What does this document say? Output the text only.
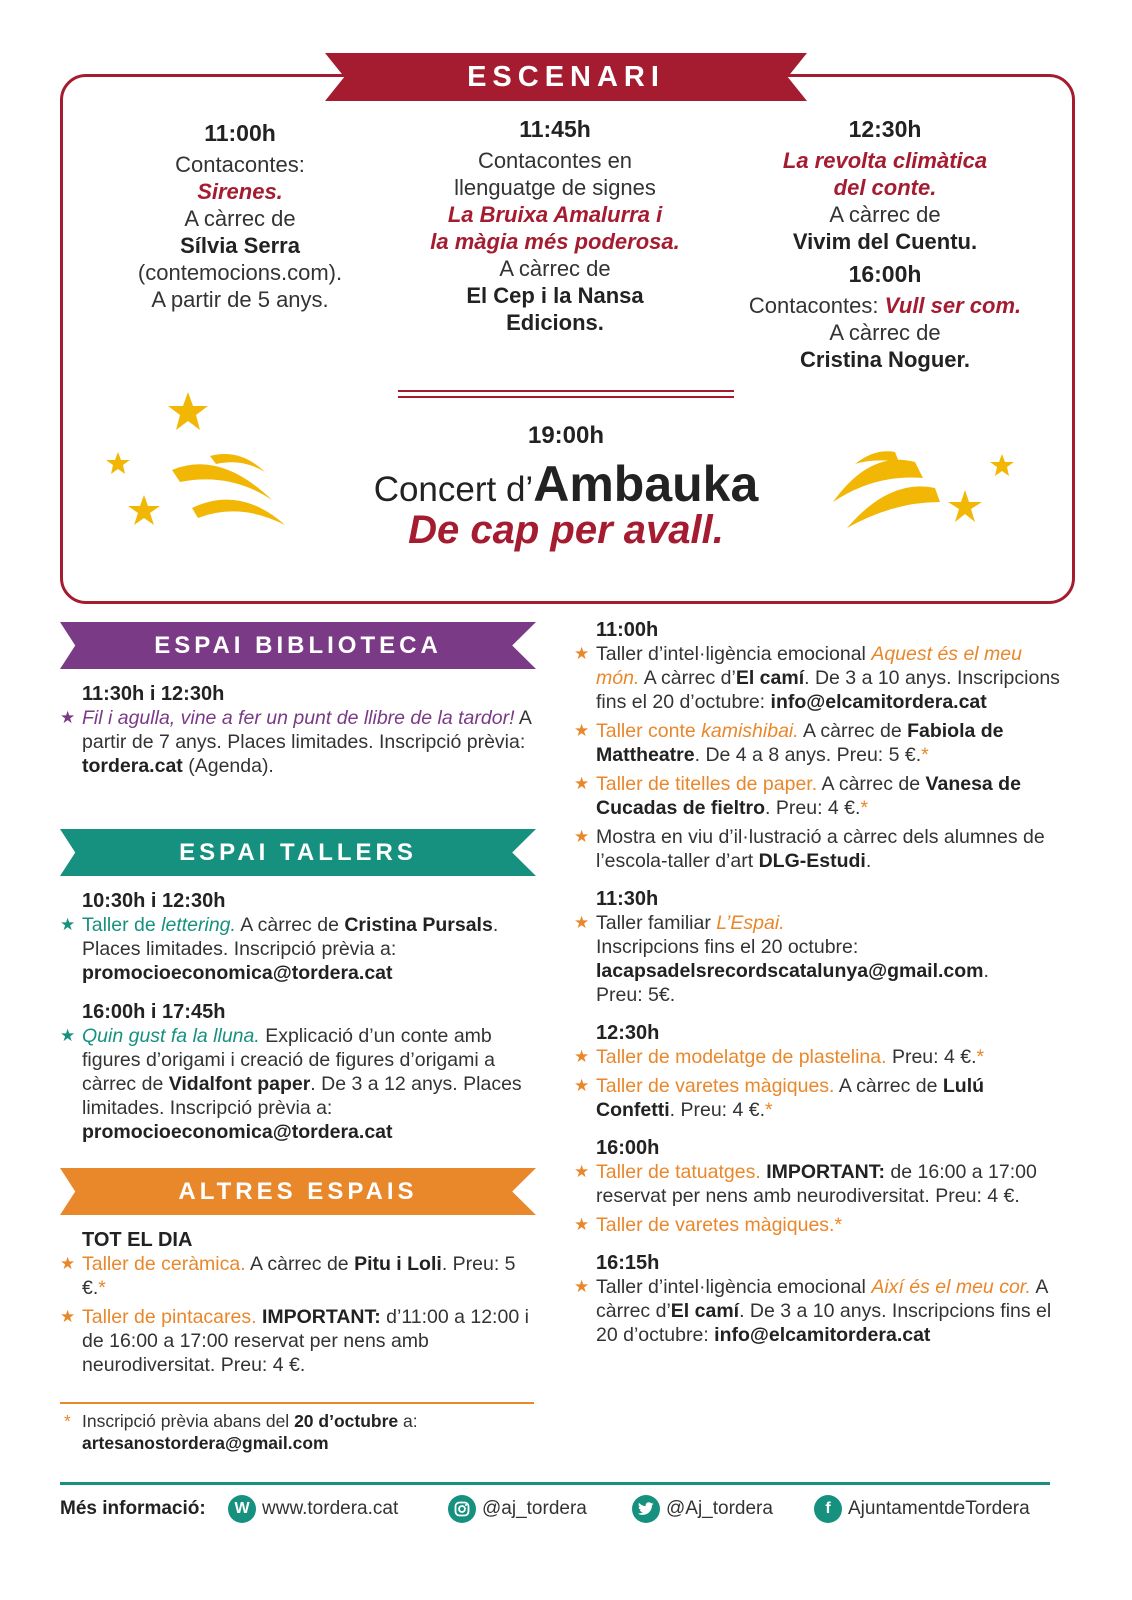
ESCENARI
11:00h
Contacontes:
Sirenes.
A càrrec de
Sílvia Serra
(contemocions.com).
A partir de 5 anys.
11:45h
Contacontes en
llenguatge de signes
La Bruixa Amalurra i
la màgia més poderosa.
A càrrec de
El Cep i la Nansa
Edicions.
12:30h
La revolta climàtica
del conte.
A càrrec de
Vivim del Cuentu.
16:00h
Contacontes: Vull ser com.
A càrrec de
Cristina Noguer.
19:00h
Concert d’Ambauka
De cap per avall.
ESPAI BIBLIOTECA
11:30h i 12:30h
★ Fil i agulla, vine a fer un punt de llibre de la tardor! A partir de 7 anys. Places limitades. Inscripció prèvia: tordera.cat (Agenda).
ESPAI TALLERS
10:30h i 12:30h
★ Taller de lettering. A càrrec de Cristina Pursals. Places limitades. Inscripció prèvia a: promocioeconomica@tordera.cat
16:00h i 17:45h
★ Quin gust fa la lluna. Explicació d’un conte amb figures d’origami i creació de figures d’origami a càrrec de Vidalfont paper. De 3 a 12 anys. Places limitades. Inscripció prèvia a: promocioeconomica@tordera.cat
ALTRES ESPAIS
TOT EL DIA
★ Taller de ceràmica. A càrrec de Pitu i Loli. Preu: 5 €.*
★ Taller de pintacares. IMPORTANT: d’11:00 a 12:00 i de 16:00 a 17:00 reservat per nens amb neurodiversitat. Preu: 4 €.
* Inscripció prèvia abans del 20 d’octubre a:
artesanostordera@gmail.com
11:00h
★ Taller d’intel·ligència emocional Aquest és el meu món. A càrrec d’El camí. De 3 a 10 anys. Inscripcions fins el 20 d’octubre: info@elcamitordera.cat
★ Taller conte kamishibai. A càrrec de Fabiola de Mattheatre. De 4 a 8 anys. Preu: 5 €.*
★ Taller de titelles de paper. A càrrec de Vanesa de Cucadas de fieltro. Preu: 4 €.*
★ Mostra en viu d’il·lustració a càrrec dels alumnes de l’escola-taller d’art DLG-Estudi.
11:30h
★ Taller familiar L’Espai.
Inscripcions fins el 20 octubre:
lacapsadelsrecordscatalunya@gmail.com.
Preu: 5€.
12:30h
★ Taller de modelatge de plastelina. Preu: 4 €.*
★ Taller de varetes màgiques. A càrrec de Lulú Confetti. Preu: 4 €.*
16:00h
★ Taller de tatuatges. IMPORTANT: de 16:00 a 17:00 reservat per nens amb neurodiversitat. Preu: 4 €.
★ Taller de varetes màgiques.*
16:15h
★ Taller d’intel·ligència emocional Així és el meu cor. A càrrec d’El camí. De 3 a 10 anys. Inscripcions fins el 20 d’octubre: info@elcamitordera.cat
Més informació:	W www.tordera.cat	@aj_tordera	@Aj_tordera	f AjuntamentdeTordera
